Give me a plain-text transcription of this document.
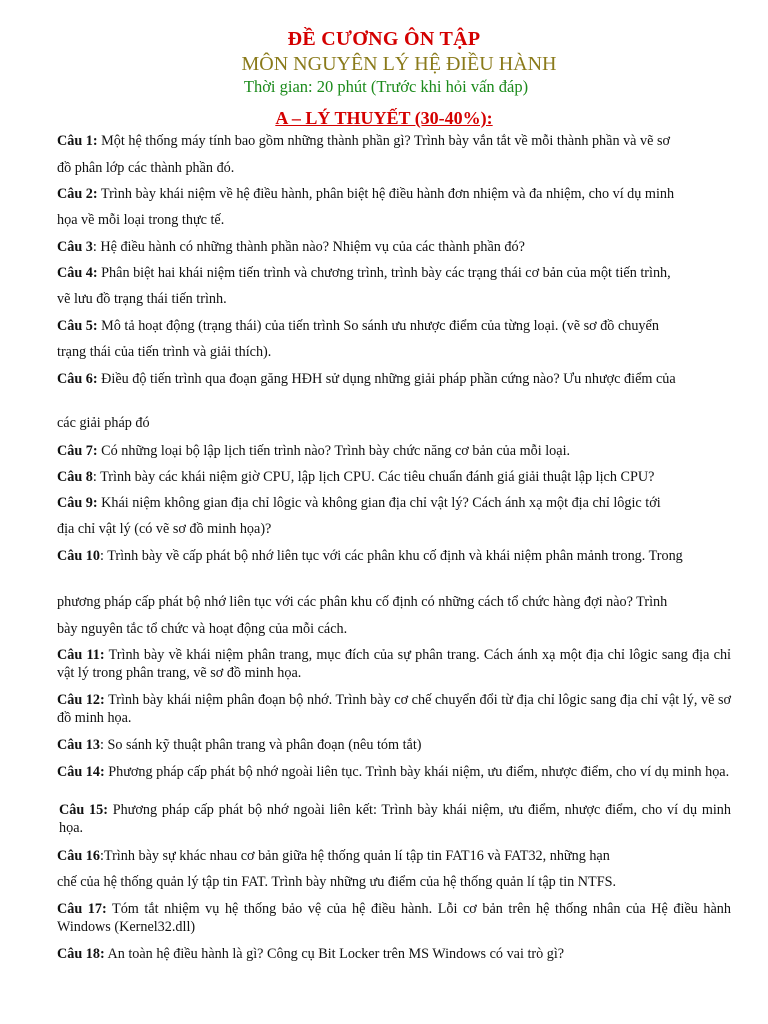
ĐỀ CƯƠNG ÔN TẬP
MÔN NGUYÊN LÝ HỆ ĐIỀU HÀNH
Thời gian: 20 phút (Trước khi hỏi vấn đáp)
A – LÝ THUYẾT (30-40%):
Câu 1: Một hệ thống máy tính bao gồm những thành phần gì? Trình bày vắn tắt về mỗi thành phần và vẽ sơ
đồ phân lớp các thành phần đó.
Câu 2: Trình bày khái niệm về hệ điều hành, phân biệt hệ điều hành đơn nhiệm và đa nhiệm, cho ví dụ minh
họa về mỗi loại trong thực tế.
Câu 3: Hệ điều hành có những thành phần nào? Nhiệm vụ của các thành phần đó?
Câu 4: Phân biệt hai khái niệm tiến trình và chương trình, trình bày các trạng thái cơ bản của một tiến trình,
vẽ lưu đồ trạng thái tiến trình.
Câu 5: Mô tả hoạt động (trạng thái) của tiến trình So sánh ưu nhược điểm của từng loại. (vẽ sơ đồ chuyển
trạng thái của tiến trình và giải thích).
Câu 6: Điều độ tiến trình qua đoạn găng HĐH sử dụng những giải pháp phần cứng nào? Ưu nhược điểm của
các giải pháp đó
Câu 7: Có những loại bộ lập lịch tiến trình nào? Trình bày chức năng cơ bản của mỗi loại.
Câu 8: Trình bày các khái niệm giờ CPU, lập lịch CPU. Các tiêu chuẩn đánh giá giải thuật lập lịch CPU?
Câu 9: Khái niệm không gian địa chỉ lôgic và không gian địa chỉ vật lý? Cách ánh xạ một địa chỉ lôgic tới
địa chỉ vật lý (có vẽ sơ đồ minh họa)?
Câu 10: Trình bày về cấp phát bộ nhớ liên tục với các phân khu cố định và khái niệm phân mảnh trong. Trong
phương pháp cấp phát bộ nhớ liên tục với các phân khu cố định có những cách tổ chức hàng đợi nào? Trình
bày nguyên tắc tổ chức và hoạt động của mỗi cách.
Câu 11: Trình bày về khái niệm phân trang, mục đích của sự phân trang. Cách ánh xạ một địa chỉ lôgic sang địa chỉ vật lý trong phân trang, vẽ sơ đồ minh họa.
Câu 12: Trình bày khái niệm phân đoạn bộ nhớ. Trình bày cơ chế chuyển đổi từ địa chỉ lôgic sang địa chỉ vật lý, vẽ sơ đồ minh họa.
Câu 13: So sánh kỹ thuật phân trang và phân đoạn (nêu tóm tắt)
Câu 14: Phương pháp cấp phát bộ nhớ ngoài liên tục. Trình bày khái niệm, ưu điểm, nhược điểm, cho ví dụ minh họa.
Câu 15: Phương pháp cấp phát bộ nhớ ngoài liên kết: Trình bày khái niệm, ưu điểm, nhược điểm, cho ví dụ minh họa.
Câu 16:Trình bày sự khác nhau cơ bản giữa hệ thống quản lí tập tin FAT16 và FAT32, những hạn
chế của hệ thống quản lý tập tin FAT. Trình bày những ưu điểm của hệ thống quản lí tập tin NTFS.
Câu 17: Tóm tắt nhiệm vụ hệ thống bảo vệ của hệ điều hành. Lỗi cơ bản trên hệ thống nhân của Hệ điều hành Windows (Kernel32.dll)
Câu 18: An toàn hệ điều hành là gì? Công cụ Bit Locker trên MS Windows có vai trò gì?
